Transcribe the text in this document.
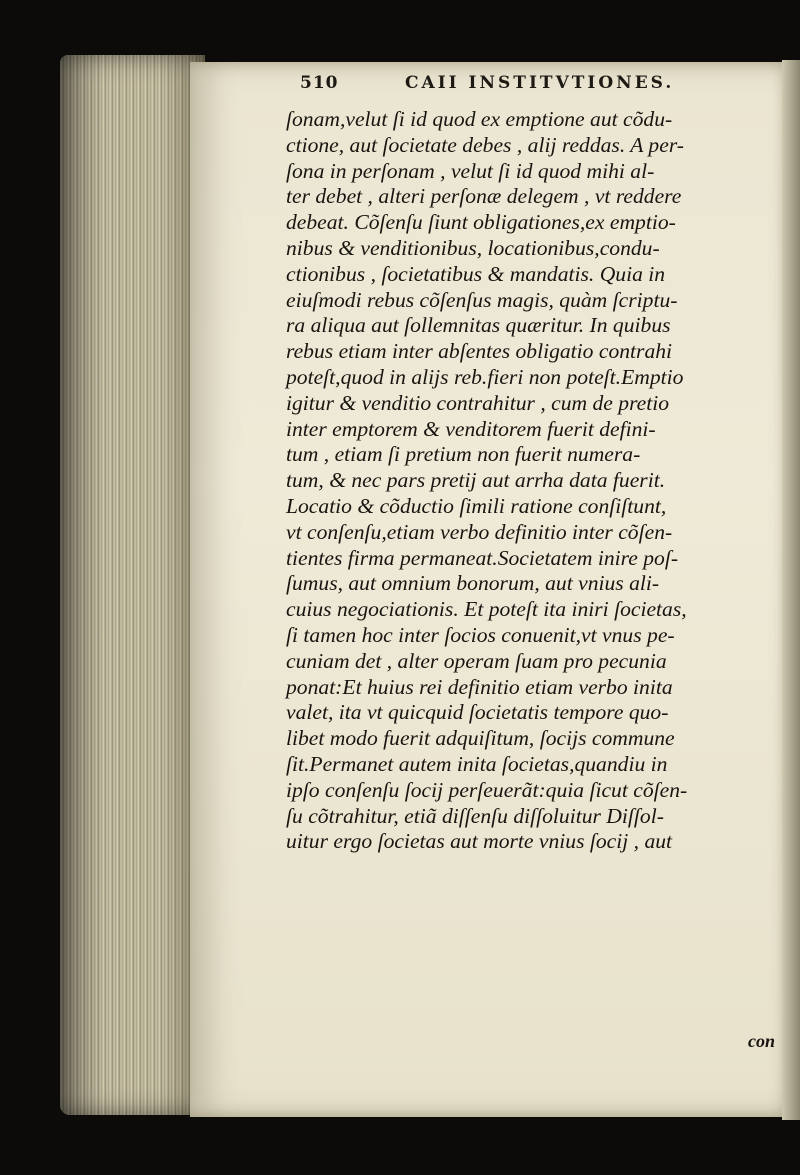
510	CAII INSTITVTIONES.
ſonam,velut ſi id quod ex emptione aut cõdu-
ctione, aut ſocietate debes , alij reddas. A per-
ſona in perſonam , velut ſi id quod mihi al-
ter debet , alteri perſonæ delegem , vt reddere
debeat. Cõſenſu ſiunt obligationes,ex emptio-
nibus & venditionibus, locationibus,condu-
ctionibus , ſocietatibus & mandatis. Quia in
eiuſmodi rebus cõſenſus magis, quàm ſcriptu-
ra aliqua aut ſollemnitas quæritur. In quibus
rebus etiam inter abſentes obligatio contrahi
poteſt,quod in alijs reb.fieri non poteſt.Emptio
igitur & venditio contrahitur , cum de pretio
inter emptorem & venditorem fuerit defini-
tum , etiam ſi pretium non fuerit numera-
tum, & nec pars pretij aut arrha data fuerit.
Locatio & cõductio ſimili ratione conſiſtunt,
vt conſenſu,etiam verbo definitio inter cõſen-
tientes firma permaneat.Societatem inire poſ-
ſumus, aut omnium bonorum, aut vnius ali-
cuius negociationis. Et poteſt ita iniri ſocietas,
ſi tamen hoc inter ſocios conuenit,vt vnus pe-
cuniam det , alter operam ſuam pro pecunia
ponat:Et huius rei definitio etiam verbo inita
valet, ita vt quicquid ſocietatis tempore quo-
libet modo fuerit adquiſitum, ſocijs commune
ſit.Permanet autem inita ſocietas,quandiu in
ipſo conſenſu ſocij perſeuerãt:quia ſicut cõſen-
ſu cõtrahitur, etiã diſſenſu diſſoluitur Diſſol-
uitur ergo ſocietas aut morte vnius ſocij , aut
con
